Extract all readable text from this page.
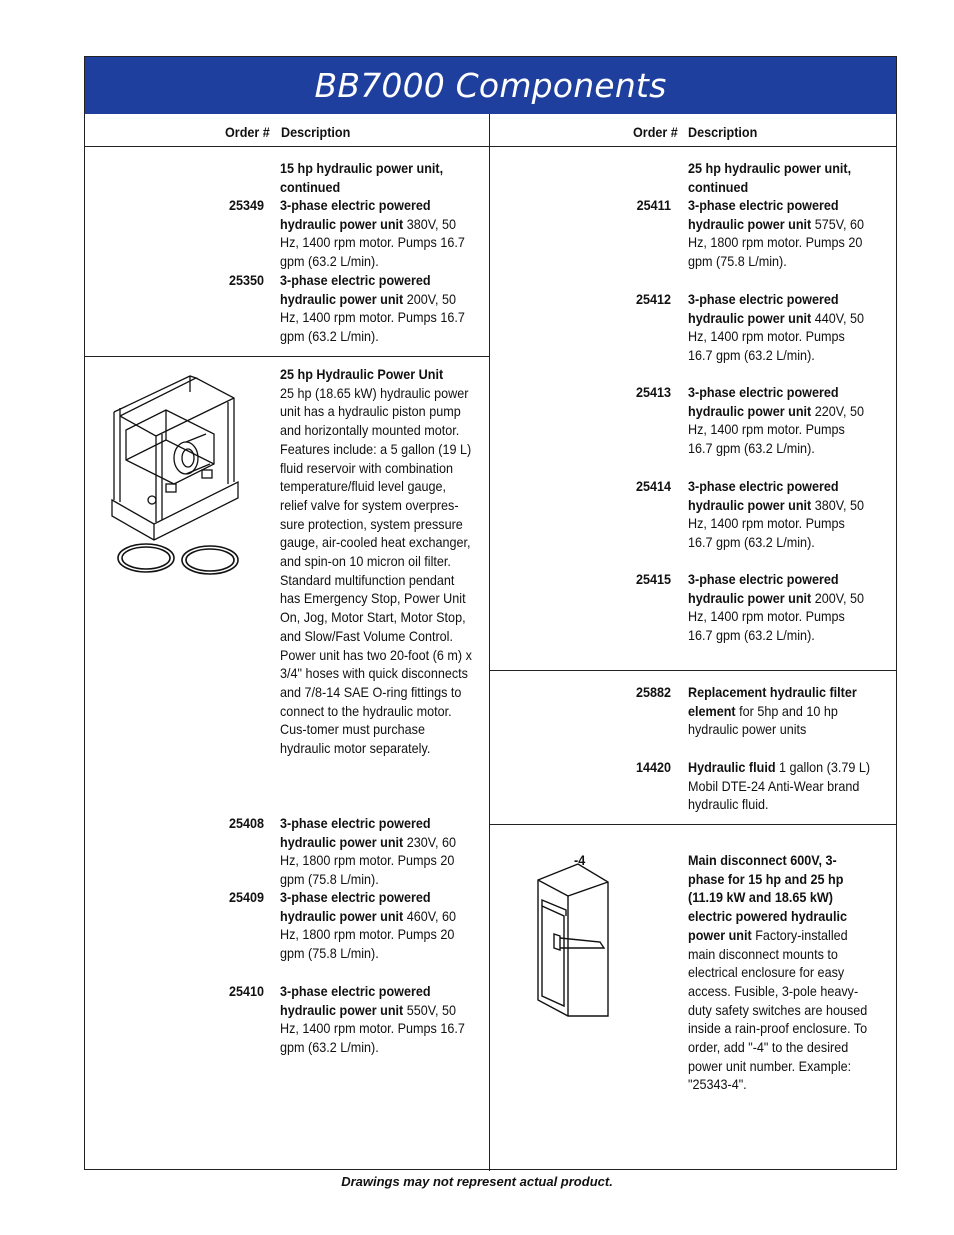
BB7000 Components
Order # Description	Order # Description
15 hp hydraulic power unit, continued
25349 3-phase electric powered hydraulic power unit 380V, 50 Hz, 1400 rpm motor. Pumps 16.7 gpm (63.2 L/min).
25350 3-phase electric powered hydraulic power unit 200V, 50 Hz, 1400 rpm motor. Pumps 16.7 gpm (63.2 L/min).
25 hp Hydraulic Power Unit
25 hp (18.65 kW) hydraulic power unit has a hydraulic piston pump and horizontally mounted motor. Features include: a 5 gallon (19 L) fluid reservoir with combination temperature/fluid level gauge, relief valve for system overpres-sure protection, system pressure gauge, air-cooled heat exchanger, and spin-on 10 micron oil filter. Standard multifunction pendant has Emergency Stop, Power Unit On, Jog, Motor Start, Motor Stop, and Slow/Fast Volume Control. Power unit has two 20-foot (6 m) x 3/4" hoses with quick disconnects and 7/8-14 SAE O-ring fittings to connect to the hydraulic motor. Cus-tomer must purchase hydraulic motor separately.
25408 3-phase electric powered hydraulic power unit 230V, 60 Hz, 1800 rpm motor. Pumps 20 gpm (75.8 L/min).
25409 3-phase electric powered hydraulic power unit 460V, 60 Hz, 1800 rpm motor. Pumps 20 gpm (75.8 L/min).
25410 3-phase electric powered hydraulic power unit 550V, 50 Hz, 1400 rpm motor. Pumps 16.7 gpm (63.2 L/min).
25 hp hydraulic power unit, continued
25411 3-phase electric powered hydraulic power unit 575V, 60 Hz, 1800 rpm motor. Pumps 20 gpm (75.8 L/min).
25412 3-phase electric powered hydraulic power unit 440V, 50 Hz, 1400 rpm motor. Pumps 16.7 gpm (63.2 L/min).
25413 3-phase electric powered hydraulic power unit 220V, 50 Hz, 1400 rpm motor. Pumps 16.7 gpm (63.2 L/min).
25414 3-phase electric powered hydraulic power unit 380V, 50 Hz, 1400 rpm motor. Pumps 16.7 gpm (63.2 L/min).
25415 3-phase electric powered hydraulic power unit 200V, 50 Hz, 1400 rpm motor. Pumps 16.7 gpm (63.2 L/min).
25882 Replacement hydraulic filter element for 5hp and 10 hp hydraulic power units
14420 Hydraulic fluid 1 gallon (3.79 L) Mobil DTE-24 Anti-Wear brand hydraulic fluid.
-4	Main disconnect 600V, 3-phase for 15 hp and 25 hp (11.19 kW and 18.65 kW) electric powered hydraulic power unit Factory-installed main disconnect mounts to electrical enclosure for easy access. Fusible, 3-pole heavy-duty safety switches are housed inside a rain-proof enclosure. To order, add "-4" to the desired power unit number. Example: "25343-4".
Drawings may not represent actual product.
